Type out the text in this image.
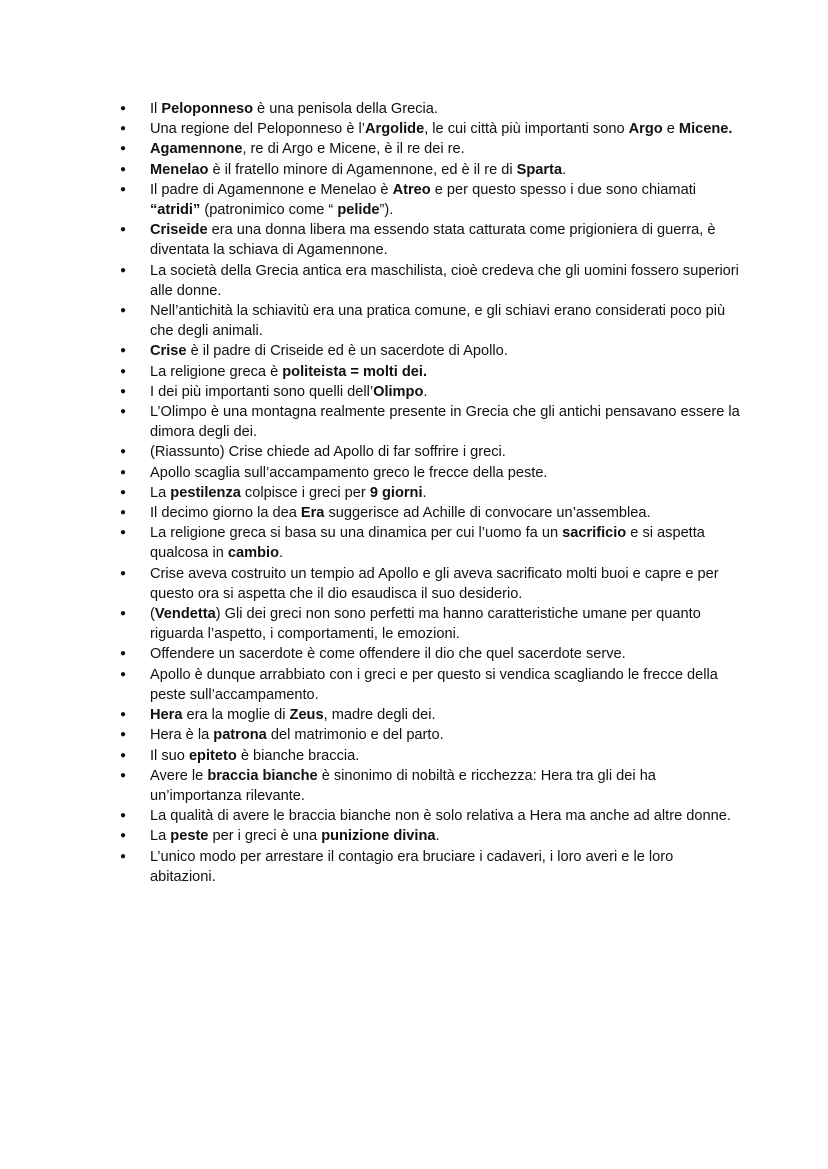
● Il Peloponneso è una penisola della Grecia.
● Una regione del Peloponneso è l’Argolide, le cui città più importanti sono Argo e Micene.
● Agamennone, re di Argo e Micene, è il re dei re.
● Menelao è il fratello minore di Agamennone, ed è il re di Sparta.
● Il padre di Agamennone e Menelao è Atreo e per questo spesso i due sono chiamati “atridi” (patronimico come “ pelide”).
● Criseide era una donna libera ma essendo stata catturata come prigioniera di guerra, è diventata la schiava di Agamennone.
● La società della Grecia antica era maschilista, cioè credeva che gli uomini fossero superiori alle donne.
● Nell’antichità la schiavitù era una pratica comune, e gli schiavi erano considerati poco più che degli animali.
● Crise è il padre di Criseide ed è un sacerdote di Apollo.
● La religione greca è politeista = molti dei.
● I dei più importanti sono quelli dell’Olimpo.
● L’Olimpo è una montagna realmente presente in Grecia che gli antichi pensavano essere la dimora degli dei.
● (Riassunto) Crise chiede ad Apollo di far soffrire i greci.
● Apollo scaglia sull’accampamento greco le frecce della peste.
● La pestilenza colpisce i greci per 9 giorni.
● Il decimo giorno la dea Era suggerisce ad Achille di convocare un’assemblea.
● La religione greca si basa su una dinamica per cui l’uomo fa un sacrificio e si aspetta qualcosa in cambio.
● Crise aveva costruito un tempio ad Apollo e gli aveva sacrificato molti buoi e capre e per questo ora si aspetta che il dio esaudisca il suo desiderio.
● (Vendetta) Gli dei greci non sono perfetti ma hanno caratteristiche umane per quanto riguarda l’aspetto, i comportamenti, le emozioni.
● Offendere un sacerdote è come offendere il dio che quel sacerdote serve.
● Apollo è dunque arrabbiato con i greci e per questo si vendica scagliando le frecce della peste sull’accampamento.
● Hera era la moglie di Zeus, madre degli dei.
● Hera è la patrona del matrimonio e del parto.
● Il suo epiteto è bianche braccia.
● Avere le braccia bianche è sinonimo di nobiltà e ricchezza: Hera tra gli dei ha un’importanza rilevante.
● La qualità di avere le braccia bianche non è solo relativa a Hera ma anche ad altre donne.
● La peste per i greci è una punizione divina.
● L’unico modo per arrestare il contagio era bruciare i cadaveri, i loro averi e le loro abitazioni.
